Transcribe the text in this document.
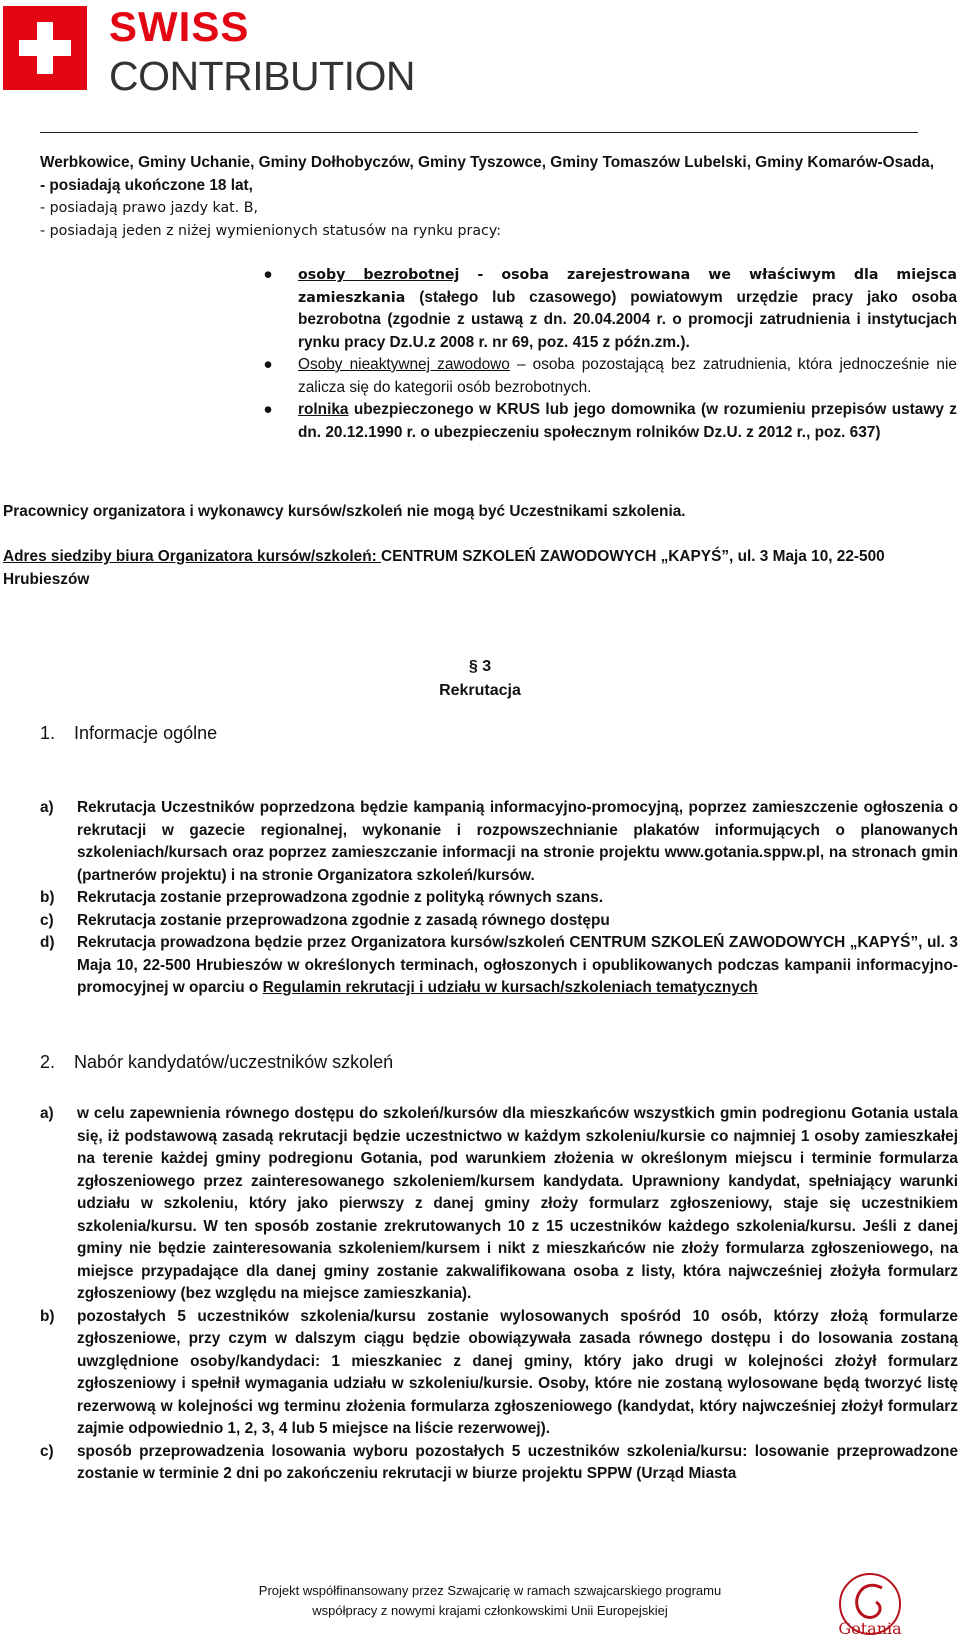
SWISS
CONTRIBUTION
Werbkowice, Gminy Uchanie, Gminy Dołhobyczów, Gminy Tyszowce, Gminy Tomaszów Lubelski, Gminy Komarów-Osada,
- posiadają ukończone 18 lat,
- posiadają prawo jazdy kat. B,
- posiadają jeden z niżej wymienionych statusów na rynku pracy:
● osoby bezrobotnej - osoba zarejestrowana we właściwym dla miejsca zamieszkania (stałego lub czasowego) powiatowym urzędzie pracy jako osoba bezrobotna (zgodnie z ustawą z dn. 20.04.2004 r. o promocji zatrudnienia i instytucjach rynku pracy Dz.U.z 2008 r. nr 69, poz. 415 z późn.zm.).
● Osoby nieaktywnej zawodowo – osoba pozostającą bez zatrudnienia, która jednocześnie nie zalicza się do kategorii osób bezrobotnych.
● rolnika ubezpieczonego w KRUS lub jego domownika (w rozumieniu przepisów ustawy z dn. 20.12.1990 r. o ubezpieczeniu społecznym rolników Dz.U. z 2012 r., poz. 637)
Pracownicy organizatora i wykonawcy kursów/szkoleń nie mogą być Uczestnikami szkolenia.
Adres siedziby biura Organizatora kursów/szkoleń: CENTRUM SZKOLEŃ ZAWODOWYCH „KAPYŚ”, ul. 3 Maja 10, 22-500 Hrubieszów
§ 3
Rekrutacja
1. Informacje ogólne
a) Rekrutacja Uczestników poprzedzona będzie kampanią informacyjno-promocyjną, poprzez zamieszczenie ogłoszenia o rekrutacji w gazecie regionalnej, wykonanie i rozpowszechnianie plakatów informujących o planowanych szkoleniach/kursach oraz poprzez zamieszczanie informacji na stronie projektu www.gotania.sppw.pl, na stronach gmin (partnerów projektu) i na stronie Organizatora szkoleń/kursów.
b) Rekrutacja zostanie przeprowadzona zgodnie z polityką równych szans.
c) Rekrutacja zostanie przeprowadzona zgodnie z zasadą równego dostępu
d) Rekrutacja prowadzona będzie przez Organizatora kursów/szkoleń CENTRUM SZKOLEŃ ZAWODOWYCH „KAPYŚ”, ul. 3 Maja 10, 22-500 Hrubieszów w określonych terminach, ogłoszonych i opublikowanych podczas kampanii informacyjno-promocyjnej w oparciu o Regulamin rekrutacji i udziału w kursach/szkoleniach tematycznych
2. Nabór kandydatów/uczestników szkoleń
a) w celu zapewnienia równego dostępu do szkoleń/kursów dla mieszkańców wszystkich gmin podregionu Gotania ustala się, iż podstawową zasadą rekrutacji będzie uczestnictwo w każdym szkoleniu/kursie co najmniej 1 osoby zamieszkałej na terenie każdej gminy podregionu Gotania, pod warunkiem złożenia w określonym miejscu i terminie formularza zgłoszeniowego przez zainteresowanego szkoleniem/kursem kandydata. Uprawniony kandydat, spełniający warunki udziału w szkoleniu, który jako pierwszy z danej gminy złoży formularz zgłoszeniowy, staje się uczestnikiem szkolenia/kursu. W ten sposób zostanie zrekrutowanych 10 z 15 uczestników każdego szkolenia/kursu. Jeśli z danej gminy nie będzie zainteresowania szkoleniem/kursem i nikt z mieszkańców nie złoży formularza zgłoszeniowego, na miejsce przypadające dla danej gminy zostanie zakwalifikowana osoba z listy, która najwcześniej złożyła formularz zgłoszeniowy (bez względu na miejsce zamieszkania).
b) pozostałych 5 uczestników szkolenia/kursu zostanie wylosowanych spośród 10 osób, którzy złożą formularze zgłoszeniowe, przy czym w dalszym ciągu będzie obowiązywała zasada równego dostępu i do losowania zostaną uwzględnione osoby/kandydaci: 1 mieszkaniec z danej gminy, który jako drugi w kolejności złożył formularz zgłoszeniowy i spełnił wymagania udziału w szkoleniu/kursie. Osoby, które nie zostaną wylosowane będą tworzyć listę rezerwową w kolejności wg terminu złożenia formularza zgłoszeniowego (kandydat, który najwcześniej złożył formularz zajmie odpowiednio 1, 2, 3, 4 lub 5 miejsce na liście rezerwowej).
c) sposób przeprowadzenia losowania wyboru pozostałych 5 uczestników szkolenia/kursu: losowanie przeprowadzone zostanie w terminie 2 dni po zakończeniu rekrutacji w biurze projektu SPPW (Urząd Miasta
Projekt współfinansowany przez Szwajcarię w ramach szwajcarskiego programu
współpracy z nowymi krajami członkowskimi Unii Europejskiej
Gotania
